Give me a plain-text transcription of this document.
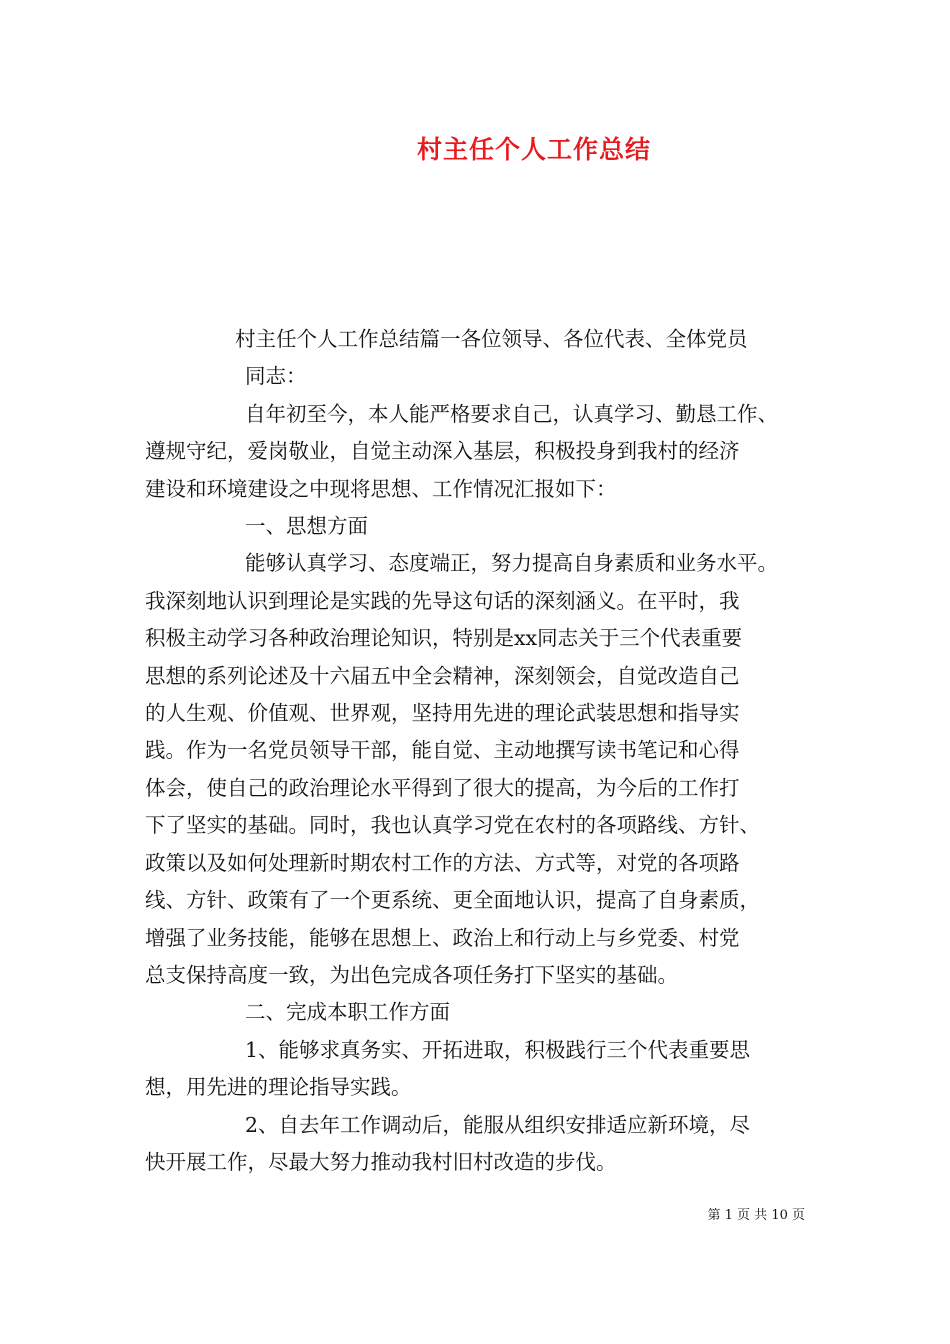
村主任个人工作总结

村主任个人工作总结篇一各位领导、各位代表、全体党员

同志：

自年初至今，本人能严格要求自己，认真学习、勤恳工作、

遵规守纪，爱岗敬业，自觉主动深入基层，积极投身到我村的经济

建设和环境建设之中现将思想、工作情况汇报如下：

一、思想方面

能够认真学习、态度端正，努力提高自身素质和业务水平。

我深刻地认识到理论是实践的先导这句话的深刻涵义。在平时，我

积极主动学习各种政治理论知识，特别是xx同志关于三个代表重要

思想的系列论述及十六届五中全会精神，深刻领会，自觉改造自己

的人生观、价值观、世界观，坚持用先进的理论武装思想和指导实

践。作为一名党员领导干部，能自觉、主动地撰写读书笔记和心得

体会，使自己的政治理论水平得到了很大的提高，为今后的工作打

下了坚实的基础。同时，我也认真学习党在农村的各项路线、方针、

政策以及如何处理新时期农村工作的方法、方式等，对党的各项路

线、方针、政策有了一个更系统、更全面地认识，提高了自身素质，

增强了业务技能，能够在思想上、政治上和行动上与乡党委、村党

总支保持高度一致，为出色完成各项任务打下坚实的基础。

二、完成本职工作方面

1、能够求真务实、开拓进取，积极践行三个代表重要思

想，用先进的理论指导实践。

2、自去年工作调动后，能服从组织安排适应新环境，尽

快开展工作，尽最大努力推动我村旧村改造的步伐。

第 1 页 共 10 页
